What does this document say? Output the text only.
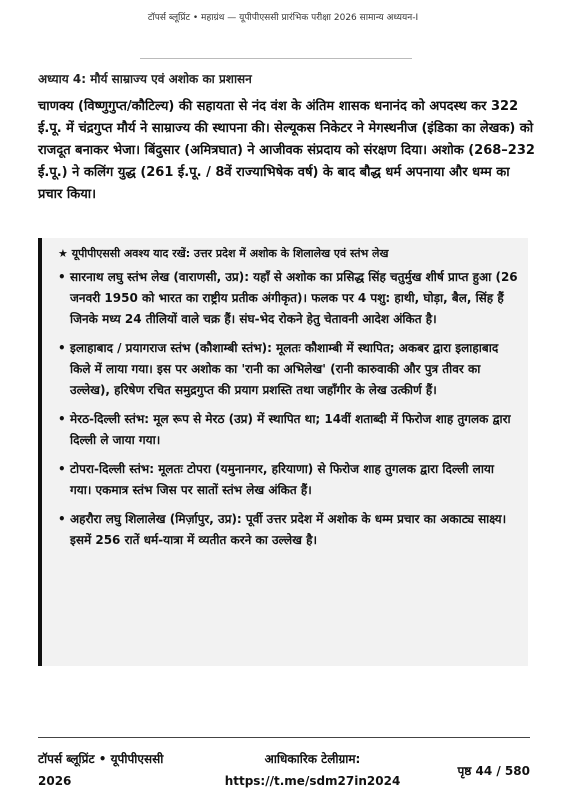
टॉपर्स ब्लूप्रिंट • महाग्रंथ — यूपीपीएससी प्रारंभिक परीक्षा 2026 सामान्य अध्ययन-I
अध्याय 4: मौर्य साम्राज्य एवं अशोक का प्रशासन
चाणक्य (विष्णुगुप्त/कौटिल्य) की सहायता से नंद वंश के अंतिम शासक धनानंद को अपदस्थ कर 322 ई.पू. में चंद्रगुप्त मौर्य ने साम्राज्य की स्थापना की। सेल्यूकस निकेटर ने मेगस्थनीज (इंडिका का लेखक) को राजदूत बनाकर भेजा। बिंदुसार (अमित्रघात) ने आजीवक संप्रदाय को संरक्षण दिया। अशोक (268–232 ई.पू.) ने कलिंग युद्ध (261 ई.पू. / 8वें राज्याभिषेक वर्ष) के बाद बौद्ध धर्म अपनाया और धम्म का प्रचार किया।
★ यूपीपीएससी अवश्य याद रखें: उत्तर प्रदेश में अशोक के शिलालेख एवं स्तंभ लेख
• सारनाथ लघु स्तंभ लेख (वाराणसी, उप्र): यहाँ से अशोक का प्रसिद्ध सिंह चतुर्मुख शीर्ष प्राप्त हुआ (26 जनवरी 1950 को भारत का राष्ट्रीय प्रतीक अंगीकृत)। फलक पर 4 पशु: हाथी, घोड़ा, बैल, सिंह हैं जिनके मध्य 24 तीलियों वाले चक्र हैं। संघ-भेद रोकने हेतु चेतावनी आदेश अंकित है।
• इलाहाबाद / प्रयागराज स्तंभ (कौशाम्बी स्तंभ): मूलतः कौशाम्बी में स्थापित; अकबर द्वारा इलाहाबाद किले में लाया गया। इस पर अशोक का 'रानी का अभिलेख' (रानी कारुवाकी और पुत्र तीवर का उल्लेख), हरिषेण रचित समुद्रगुप्त की प्रयाग प्रशस्ति तथा जहाँगीर के लेख उत्कीर्ण हैं।
• मेरठ-दिल्ली स्तंभ: मूल रूप से मेरठ (उप्र) में स्थापित था; 14वीं शताब्दी में फिरोज शाह तुगलक द्वारा दिल्ली ले जाया गया।
• टोपरा-दिल्ली स्तंभ: मूलतः टोपरा (यमुनानगर, हरियाणा) से फिरोज शाह तुगलक द्वारा दिल्ली लाया गया। एकमात्र स्तंभ जिस पर सातों स्तंभ लेख अंकित हैं।
• अहरौरा लघु शिलालेख (मिर्ज़ापुर, उप्र): पूर्वी उत्तर प्रदेश में अशोक के धम्म प्रचार का अकाट्य साक्ष्य। इसमें 256 रातें धर्म-यात्रा में व्यतीत करने का उल्लेख है।
टॉपर्स ब्लूप्रिंट • यूपीपीएससी 2026
आधिकारिक टेलीग्राम: https://t.me/sdm27in2024
पृष्ठ 44 / 580
